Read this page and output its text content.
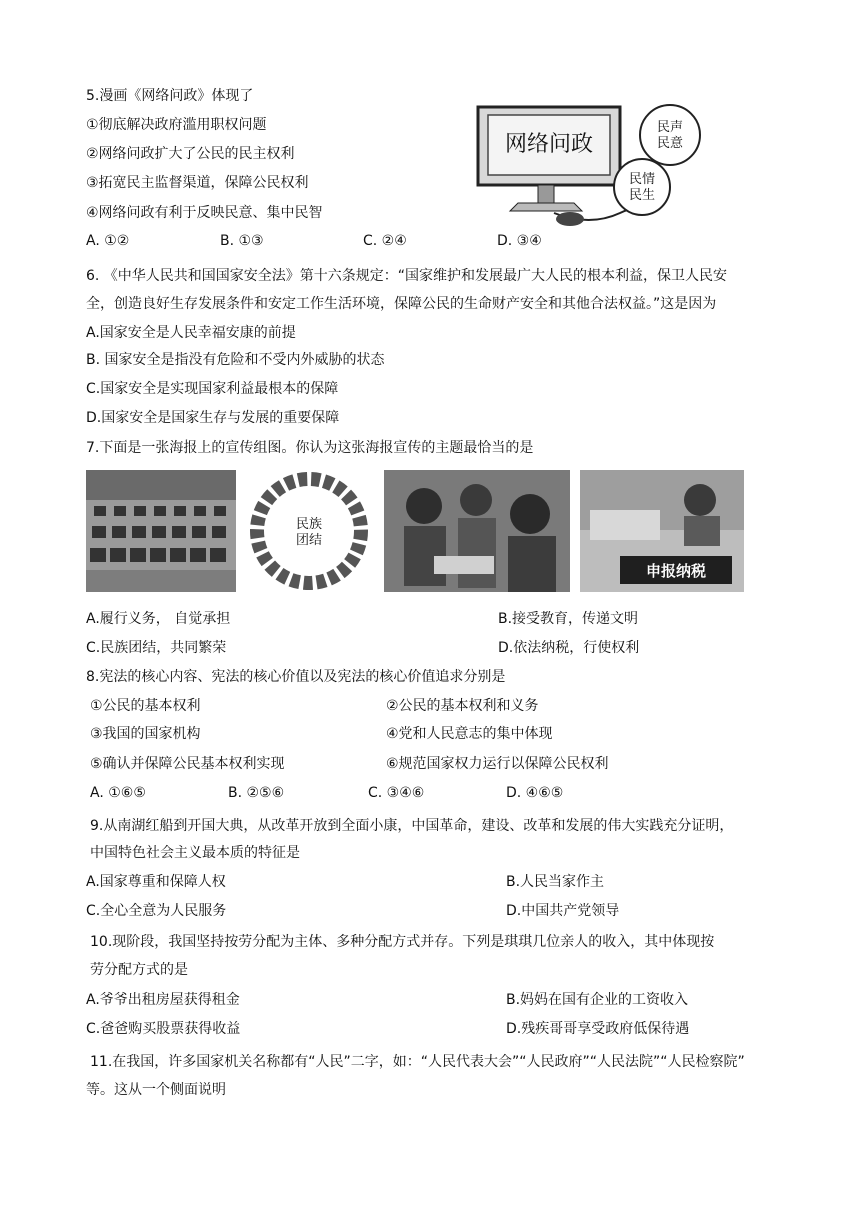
5.漫画《网络问政》体现了
①彻底解决政府滥用职权问题
②网络问政扩大了公民的民主权利
③拓宽民主监督渠道，保障公民权利
④网络问政有利于反映民意、集中民智
A. ①②	B. ①③	C. ②④	D. ③④
网络问政
民声
民意
民情
民生
6. 《中华人民共和国国家安全法》第十六条规定：“国家维护和发展最广大人民的根本利益，保卫人民安
全，创造良好生存发展条件和安定工作生活环境，保障公民的生命财产安全和其他合法权益。”这是因为
A.国家安全是人民幸福安康的前提
B. 国家安全是指没有危险和不受内外威胁的状态
C.国家安全是实现国家利益最根本的保障
D.国家安全是国家生存与发展的重要保障
7.下面是一张海报上的宣传组图。你认为这张海报宣传的主题最恰当的是
民族
团结
申报纳税
A.履行义务， 自觉承担	B.接受教育，传递文明
C.民族团结，共同繁荣	D.依法纳税，行使权利
8.宪法的核心内容、宪法的核心价值以及宪法的核心价值追求分别是
①公民的基本权利	②公民的基本权利和义务
③我国的国家机构	④党和人民意志的集中体现
⑤确认并保障公民基本权利实现	⑥规范国家权力运行以保障公民权利
A. ①⑥⑤	B. ②⑤⑥	C. ③④⑥	D. ④⑥⑤
9.从南湖红船到开国大典，从改革开放到全面小康，中国革命，建设、改革和发展的伟大实践充分证明，
中国特色社会主义最本质的特征是
A.国家尊重和保障人权	B.人民当家作主
C.全心全意为人民服务	D.中国共产党领导
10.现阶段，我国坚持按劳分配为主体、多种分配方式并存。下列是琪琪几位亲人的收入，其中体现按
劳分配方式的是
A.爷爷出租房屋获得租金	B.妈妈在国有企业的工资收入
C.爸爸购买股票获得收益	D.残疾哥哥享受政府低保待遇
11.在我国，许多国家机关名称都有“人民”二字，如：“人民代表大会”“人民政府”“人民法院”“人民检察院”
等。这从一个侧面说明
